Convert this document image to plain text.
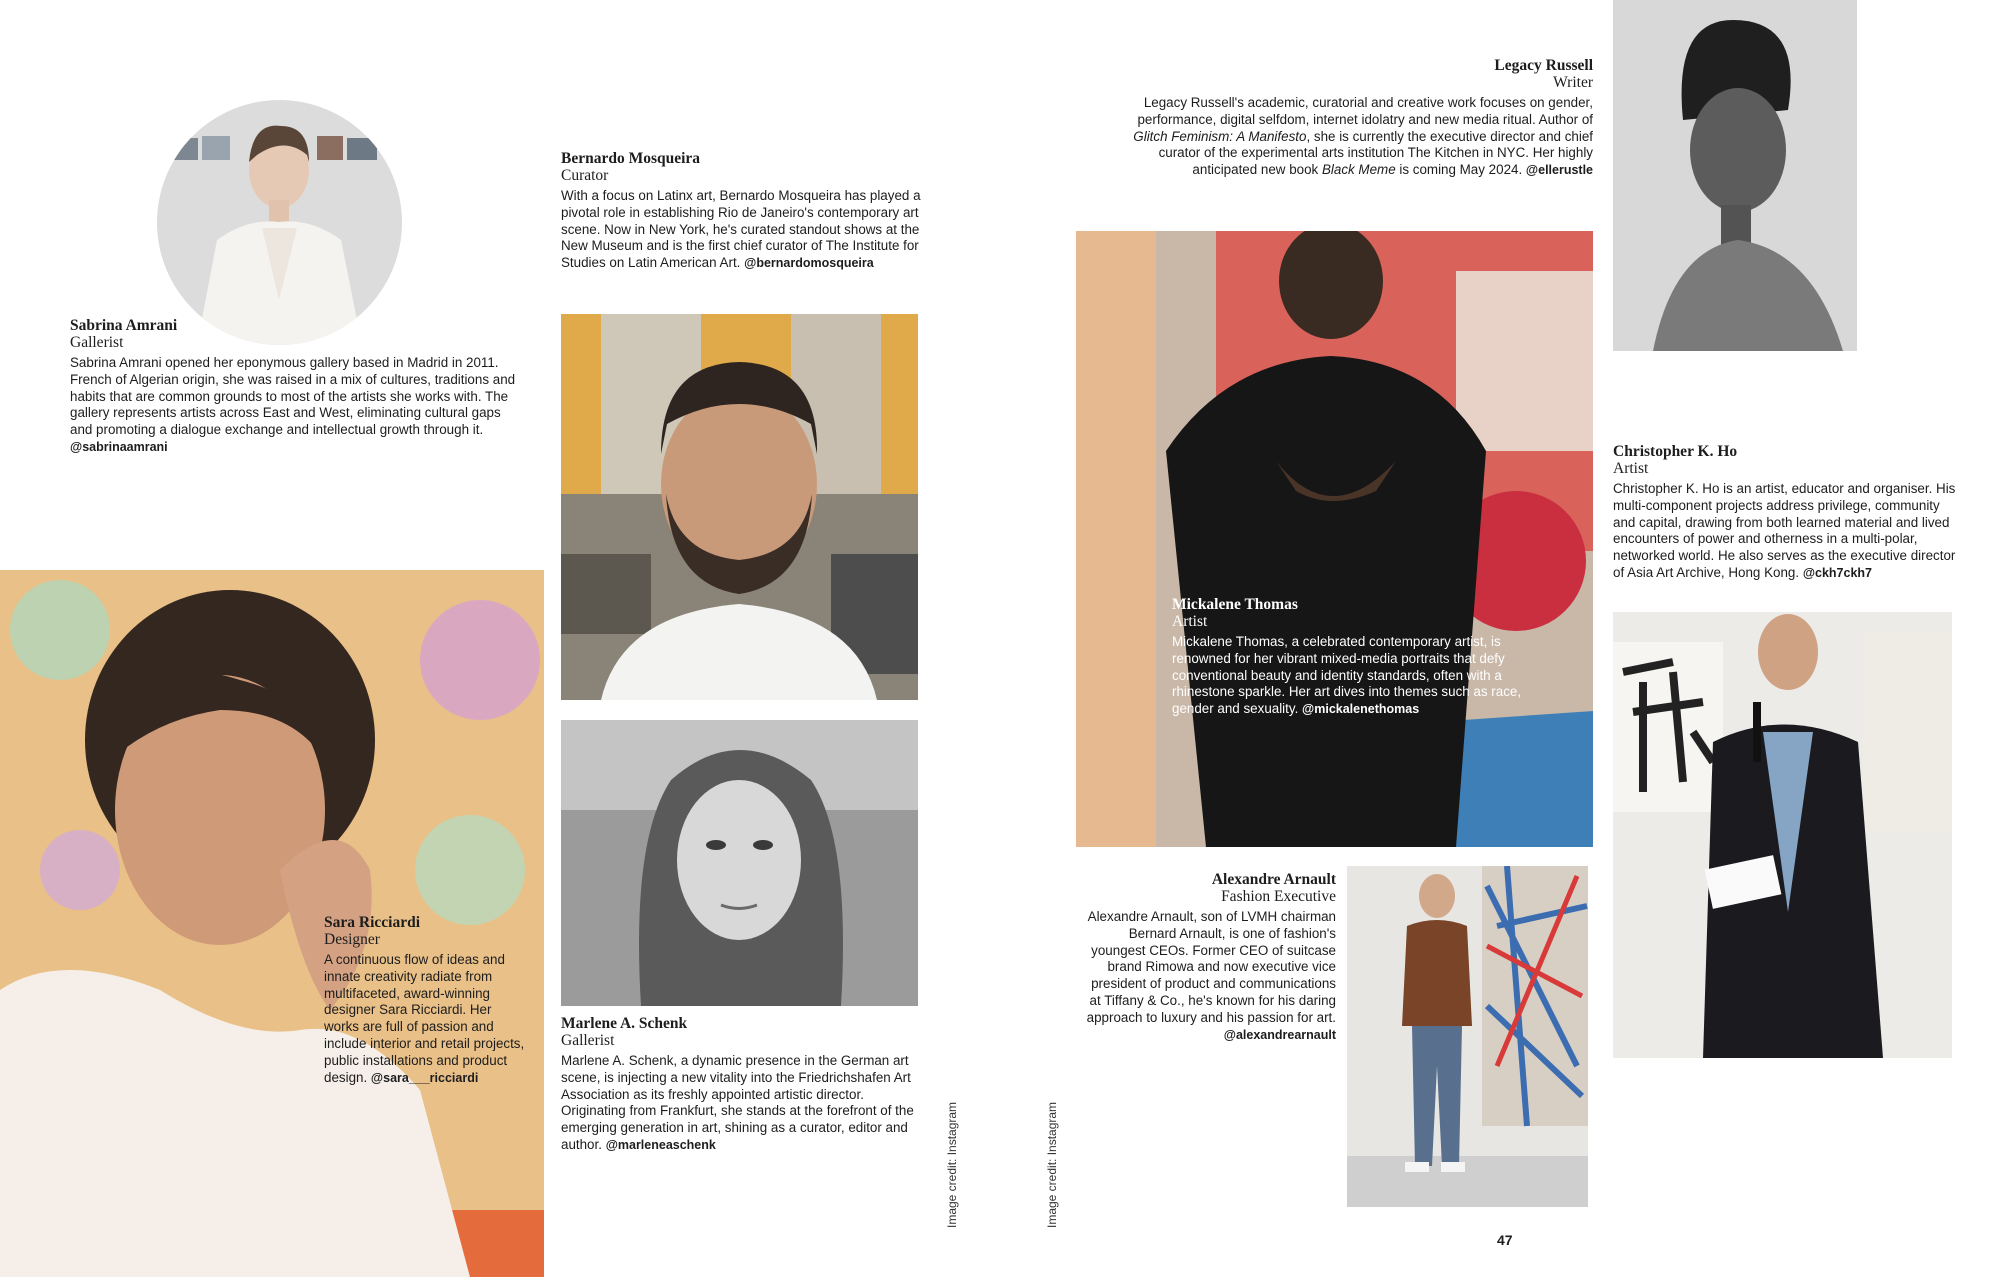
Sabrina Amrani
Gallerist
Sabrina Amrani opened her eponymous gallery based in Madrid in 2011. French of Algerian origin, she was raised in a mix of cultures, traditions and habits that are common grounds to most of the artists she works with. The gallery represents artists across East and West, eliminating cultural gaps and promoting a dialogue exchange and intellectual growth through it. @sabrinaamrani
Bernardo Mosqueira
Curator
With a focus on Latinx art, Bernardo Mosqueira has played a pivotal role in establishing Rio de Janeiro's contemporary art scene. Now in New York, he's curated standout shows at the New Museum and is the first chief curator of The Institute for Studies on Latin American Art. @bernardomosqueira
Sara Ricciardi
Designer
A continuous flow of ideas and innate creativity radiate from multifaceted, award-winning designer Sara Ricciardi. Her works are full of passion and include interior and retail projects, public installations and product design. @sara___ricciardi
Marlene A. Schenk
Gallerist
Marlene A. Schenk, a dynamic presence in the German art scene, is injecting a new vitality into the Friedrichshafen Art Association as its freshly appointed artistic director. Originating from Frankfurt, she stands at the forefront of the emerging generation in art, shining as a curator, editor and author. @marleneaschenk
Legacy Russell
Writer
Legacy Russell's academic, curatorial and creative work focuses on gender, performance, digital selfdom, internet idolatry and new media ritual. Author of Glitch Feminism: A Manifesto, she is currently the executive director and chief curator of the experimental arts institution The Kitchen in NYC. Her highly anticipated new book Black Meme is coming May 2024. @ellerustle
Mickalene Thomas
Artist
Mickalene Thomas, a celebrated contemporary artist, is renowned for her vibrant mixed-media portraits that defy conventional beauty and identity standards, often with a rhinestone sparkle. Her art dives into themes such as race, gender and sexuality. @mickalenethomas
Alexandre Arnault
Fashion Executive
Alexandre Arnault, son of LVMH chairman Bernard Arnault, is one of fashion's youngest CEOs. Former CEO of suitcase brand Rimowa and now executive vice president of product and communications at Tiffany & Co., he's known for his daring approach to luxury and his passion for art.
@alexandrearnault
Christopher K. Ho
Artist
Christopher K. Ho is an artist, educator and organiser. His multi-component projects address privilege, community and capital, drawing from both learned material and lived encounters of power and otherness in a multi-polar, networked world. He also serves as the executive director of Asia Art Archive, Hong Kong. @ckh7ckh7
Image credit: Instagram	Image credit: Instagram
47
